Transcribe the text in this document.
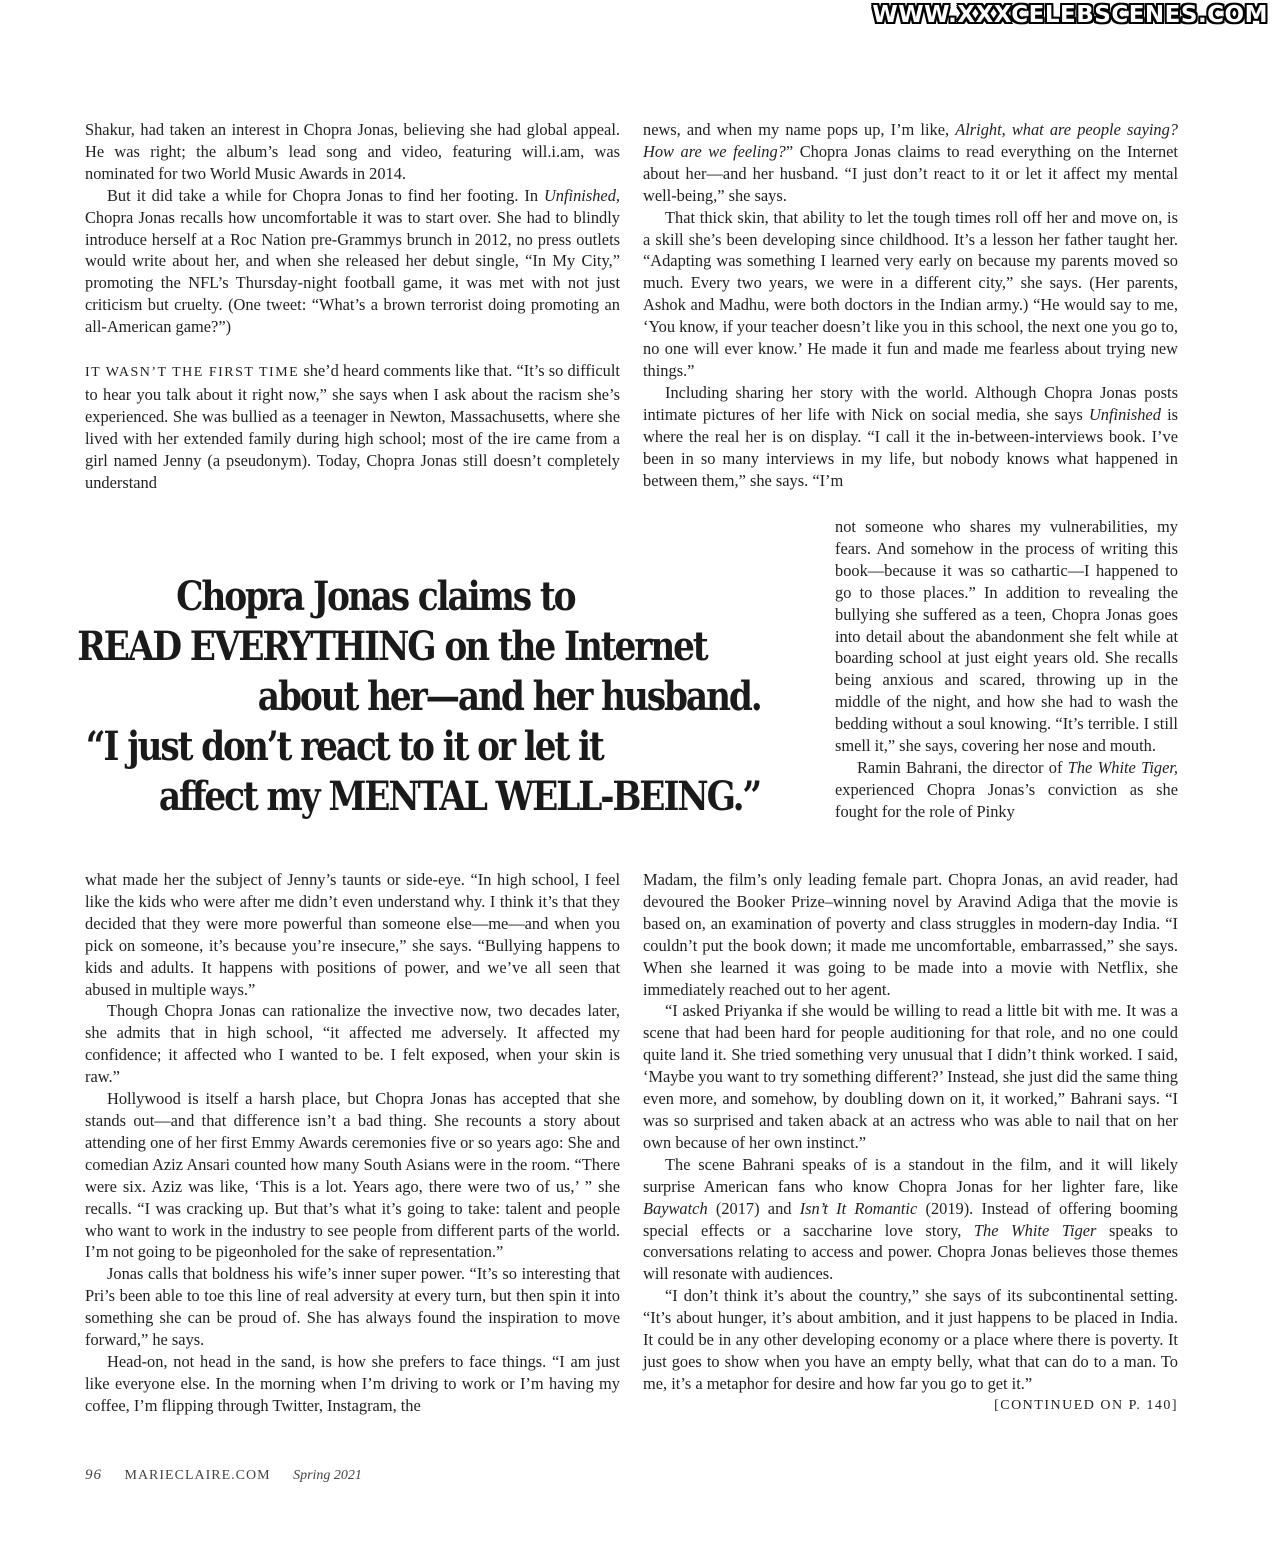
WWW.XXXCELEBSCENES.COM

Shakur, had taken an interest in Chopra Jonas, believing she had global appeal. He was right; the album’s lead song and video, featuring will.i.am, was nominated for two World Music Awards in 2014.

But it did take a while for Chopra Jonas to find her footing. In Unfinished, Chopra Jonas recalls how uncomfortable it was to start over. She had to blindly introduce herself at a Roc Nation pre-Grammys brunch in 2012, no press outlets would write about her, and when she released her debut single, “In My City,” promoting the NFL’s Thursday-night football game, it was met with not just criticism but cruelty. (One tweet: “What’s a brown terrorist doing promoting an all-American game?”)

IT WASN’T THE FIRST TIME she’d heard comments like that. “It’s so difficult to hear you talk about it right now,” she says when I ask about the racism she’s experienced. She was bullied as a teenager in Newton, Massachusetts, where she lived with her extended family during high school; most of the ire came from a girl named Jenny (a pseudonym). Today, Chopra Jonas still doesn’t completely understand

news, and when my name pops up, I’m like, Alright, what are people saying? How are we feeling?” Chopra Jonas claims to read everything on the Internet about her—and her husband. “I just don’t react to it or let it affect my mental well-being,” she says.

That thick skin, that ability to let the tough times roll off her and move on, is a skill she’s been developing since childhood. It’s a lesson her father taught her. “Adapting was something I learned very early on because my parents moved so much. Every two years, we were in a different city,” she says. (Her parents, Ashok and Madhu, were both doctors in the Indian army.) “He would say to me, ‘You know, if your teacher doesn’t like you in this school, the next one you go to, no one will ever know.’ He made it fun and made me fearless about trying new things.”

Including sharing her story with the world. Although Chopra Jonas posts intimate pictures of her life with Nick on social media, she says Unfinished is where the real her is on display. “I call it the in-between-interviews book. I’ve been in so many interviews in my life, but nobody knows what happened in between them,” she says. “I’m

not someone who shares my vulnerabilities, my fears. And somehow in the process of writing this book—because it was so cathartic—I happened to go to those places.” In addition to revealing the bullying she suffered as a teen, Chopra Jonas goes into detail about the abandonment she felt while at boarding school at just eight years old. She recalls being anxious and scared, throwing up in the middle of the night, and how she had to wash the bedding without a soul knowing. “It’s terrible. I still smell it,” she says, covering her nose and mouth.

Ramin Bahrani, the director of The White Tiger, experienced Chopra Jonas’s conviction as she fought for the role of Pinky

Chopra Jonas claims to
READ EVERYTHING on the Internet
about her—and her husband.
“I just don’t react to it or let it
affect my MENTAL WELL-BEING.”

what made her the subject of Jenny’s taunts or side-eye. “In high school, I feel like the kids who were after me didn’t even understand why. I think it’s that they decided that they were more powerful than someone else—me—and when you pick on someone, it’s because you’re insecure,” she says. “Bullying happens to kids and adults. It happens with positions of power, and we’ve all seen that abused in multiple ways.”

Though Chopra Jonas can rationalize the invective now, two decades later, she admits that in high school, “it affected me adversely. It affected my confidence; it affected who I wanted to be. I felt exposed, when your skin is raw.”

Hollywood is itself a harsh place, but Chopra Jonas has accepted that she stands out—and that difference isn’t a bad thing. She recounts a story about attending one of her first Emmy Awards ceremonies five or so years ago: She and comedian Aziz Ansari counted how many South Asians were in the room. “There were six. Aziz was like, ‘This is a lot. Years ago, there were two of us,’ ” she recalls. “I was cracking up. But that’s what it’s going to take: talent and people who want to work in the industry to see people from different parts of the world. I’m not going to be pigeonholed for the sake of representation.”

Jonas calls that boldness his wife’s inner super power. “It’s so interesting that Pri’s been able to toe this line of real adversity at every turn, but then spin it into something she can be proud of. She has always found the inspiration to move forward,” he says.

Head-on, not head in the sand, is how she prefers to face things. “I am just like everyone else. In the morning when I’m driving to work or I’m having my coffee, I’m flipping through Twitter, Instagram, the

Madam, the film’s only leading female part. Chopra Jonas, an avid reader, had devoured the Booker Prize–winning novel by Aravind Adiga that the movie is based on, an examination of poverty and class struggles in modern-day India. “I couldn’t put the book down; it made me uncomfortable, embarrassed,” she says. When she learned it was going to be made into a movie with Netflix, she immediately reached out to her agent.

“I asked Priyanka if she would be willing to read a little bit with me. It was a scene that had been hard for people auditioning for that role, and no one could quite land it. She tried something very unusual that I didn’t think worked. I said, ‘Maybe you want to try something different?’ Instead, she just did the same thing even more, and somehow, by doubling down on it, it worked,” Bahrani says. “I was so surprised and taken aback at an actress who was able to nail that on her own because of her own instinct.”

The scene Bahrani speaks of is a standout in the film, and it will likely surprise American fans who know Chopra Jonas for her lighter fare, like Baywatch (2017) and Isn’t It Romantic (2019). Instead of offering booming special effects or a saccharine love story, The White Tiger speaks to conversations relating to access and power. Chopra Jonas believes those themes will resonate with audiences.

“I don’t think it’s about the country,” she says of its subcontinental setting. “It’s about hunger, it’s about ambition, and it just happens to be placed in India. It could be in any other developing economy or a place where there is poverty. It just goes to show when you have an empty belly, what that can do to a man. To me, it’s a metaphor for desire and how far you go to get it.”
[CONTINUED ON P. 140]

96 MARIECLAIRE.COM Spring 2021
